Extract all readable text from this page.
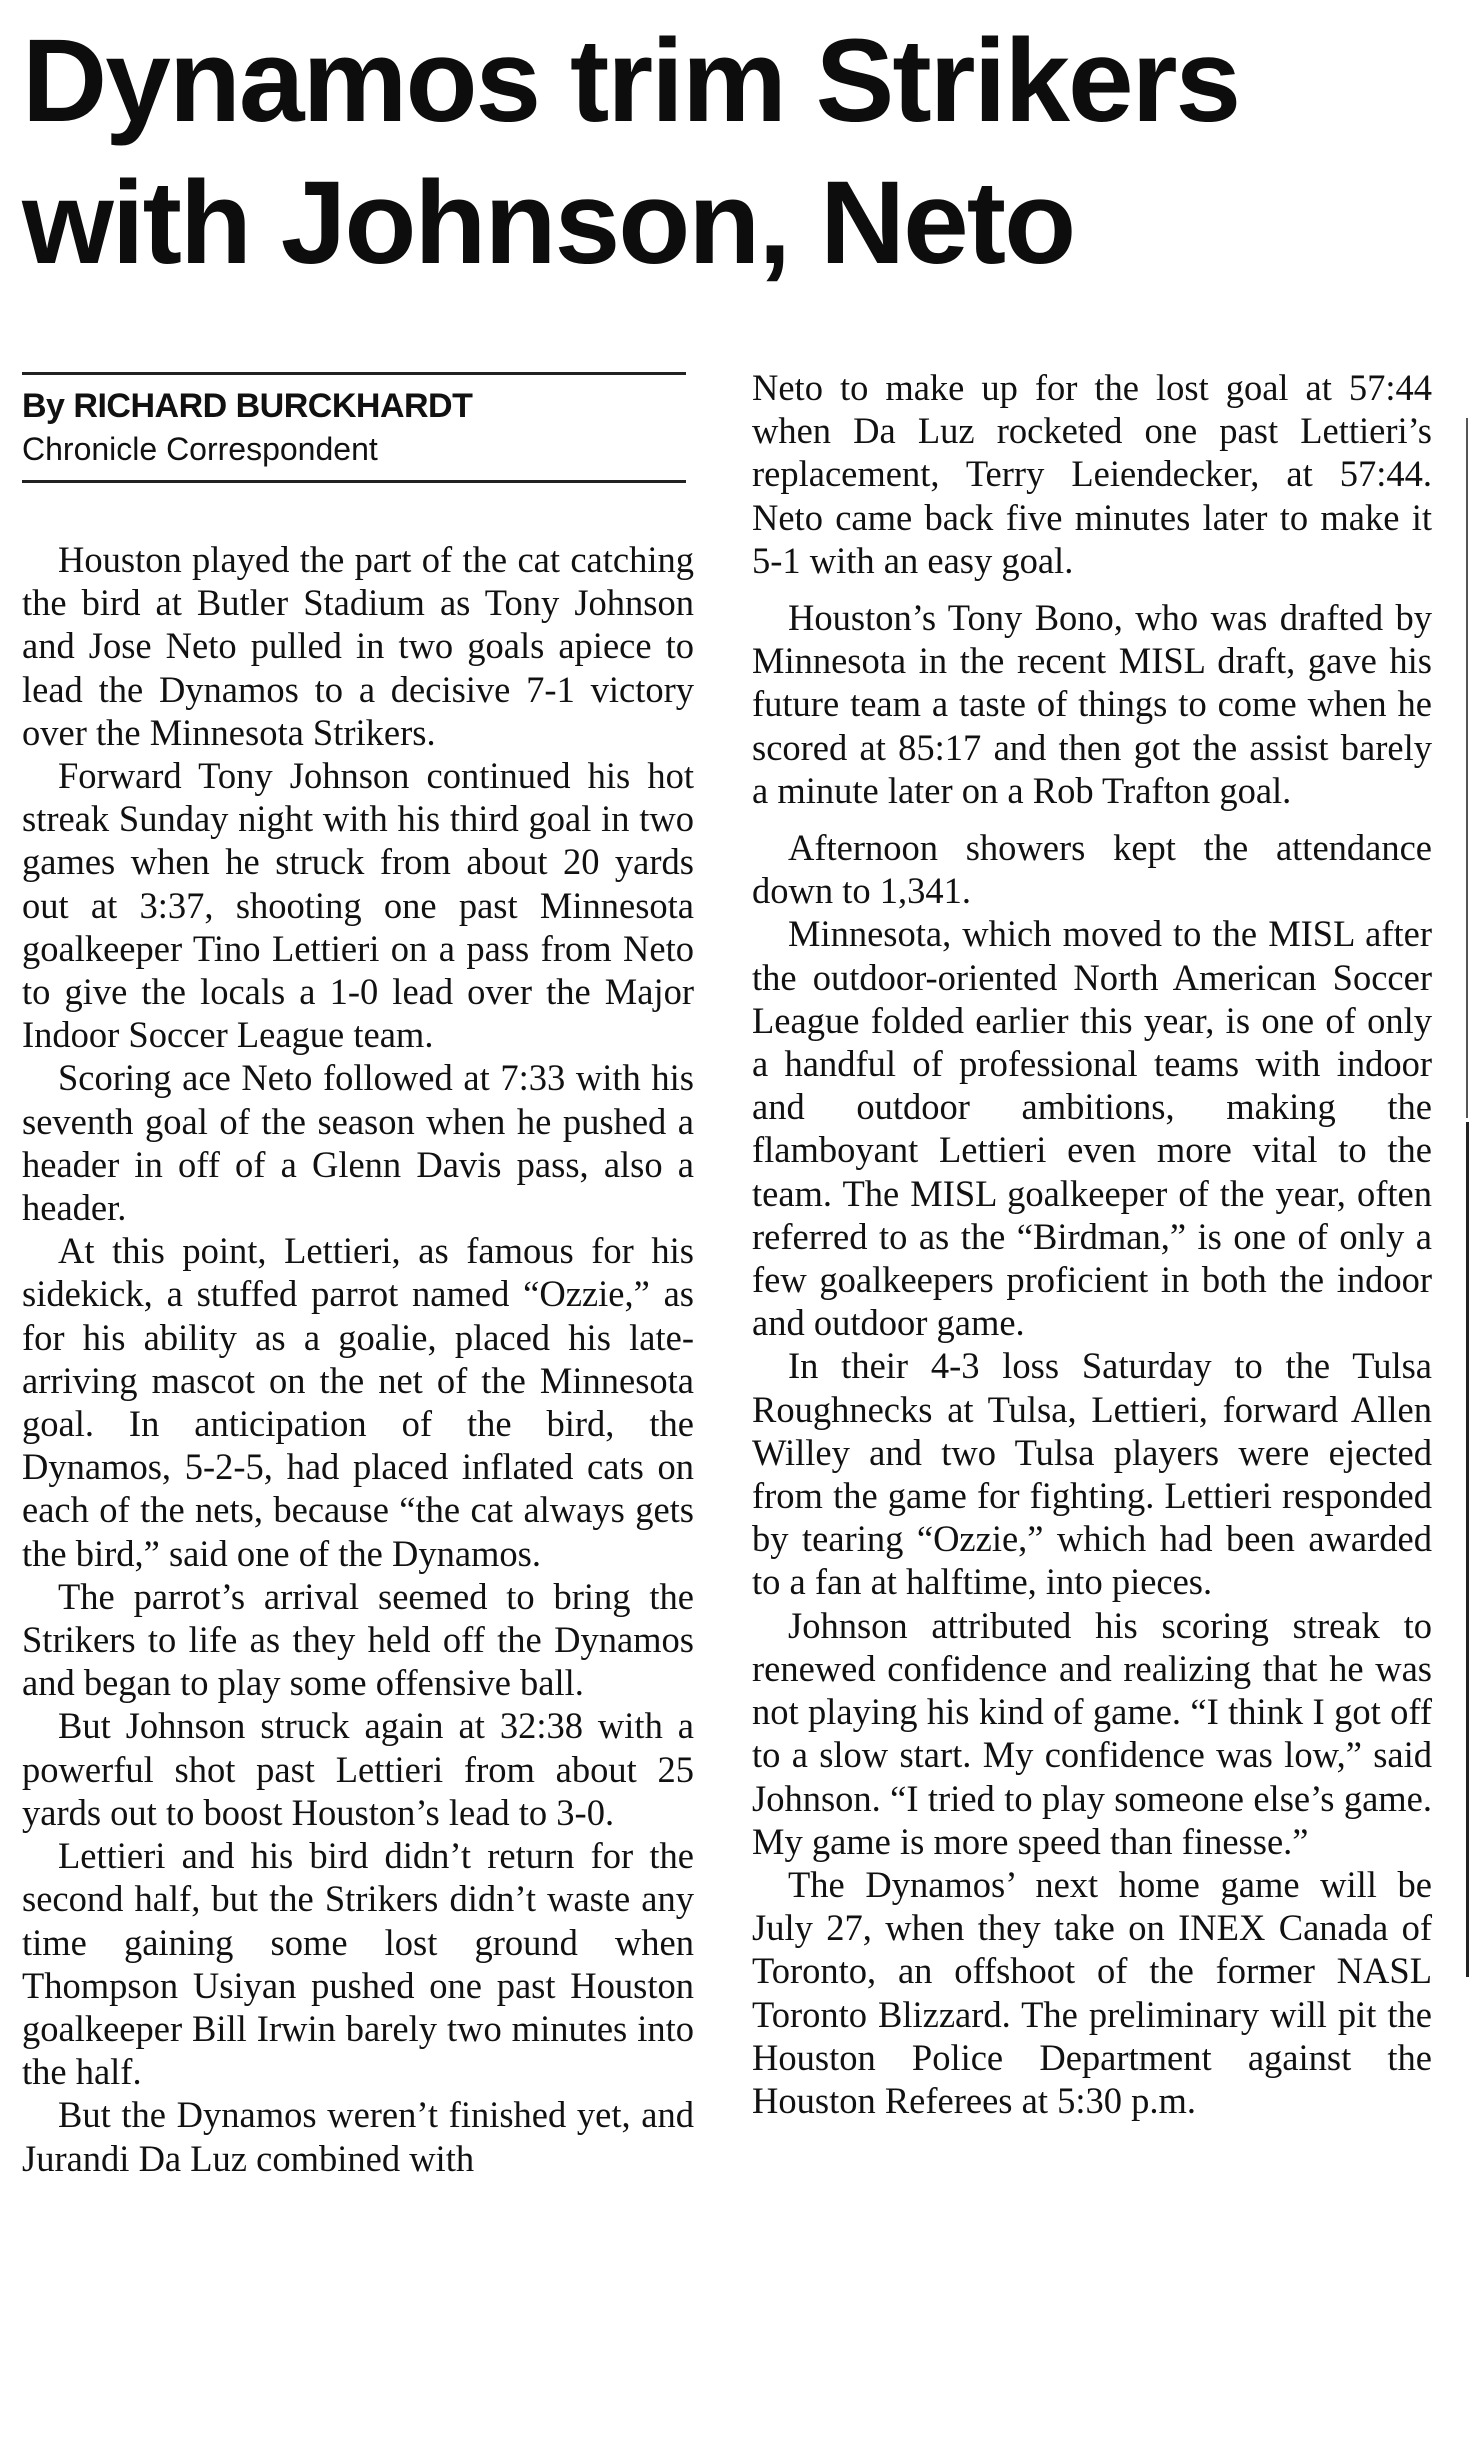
Dynamos trim Strikers
with Johnson, Neto
By RICHARD BURCKHARDT
Chronicle Correspondent

Houston played the part of the cat catching the bird at Butler Stadium as Tony Johnson and Jose Neto pulled in two goals apiece to lead the Dynamos to a decisive 7-1 victory over the Minnesota Strikers.

Forward Tony Johnson continued his hot streak Sunday night with his third goal in two games when he struck from about 20 yards out at 3:37, shooting one past Minnesota goalkeeper Tino Lettieri on a pass from Neto to give the locals a 1-0 lead over the Major Indoor Soccer League team.

Scoring ace Neto followed at 7:33 with his seventh goal of the season when he pushed a header in off of a Glenn Davis pass, also a header.

At this point, Lettieri, as famous for his sidekick, a stuffed parrot named “Ozzie,” as for his ability as a goalie, placed his late-arriving mascot on the net of the Minnesota goal. In anticipation of the bird, the Dynamos, 5-2-5, had placed inflated cats on each of the nets, because “the cat always gets the bird,” said one of the Dynamos.

The parrot’s arrival seemed to bring the Strikers to life as they held off the Dynamos and began to play some offensive ball.

But Johnson struck again at 32:38 with a powerful shot past Lettieri from about 25 yards out to boost Houston’s lead to 3-0.

Lettieri and his bird didn’t return for the second half, but the Strikers didn’t waste any time gaining some lost ground when Thompson Usiyan pushed one past Houston goalkeeper Bill Irwin barely two minutes into the half.

But the Dynamos weren’t finished yet, and Jurandi Da Luz combined with

Neto to make up for the lost goal at 57:44 when Da Luz rocketed one past Lettieri’s replacement, Terry Leiendecker, at 57:44. Neto came back five minutes later to make it 5-1 with an easy goal.

Houston’s Tony Bono, who was drafted by Minnesota in the recent MISL draft, gave his future team a taste of things to come when he scored at 85:17 and then got the assist barely a minute later on a Rob Trafton goal.

Afternoon showers kept the attendance down to 1,341.

Minnesota, which moved to the MISL after the outdoor-oriented North American Soccer League folded earlier this year, is one of only a handful of professional teams with indoor and outdoor ambitions, making the flamboyant Lettieri even more vital to the team. The MISL goalkeeper of the year, often referred to as the “Birdman,” is one of only a few goalkeepers proficient in both the indoor and outdoor game.

In their 4-3 loss Saturday to the Tulsa Roughnecks at Tulsa, Lettieri, forward Allen Willey and two Tulsa players were ejected from the game for fighting. Lettieri responded by tearing “Ozzie,” which had been awarded to a fan at halftime, into pieces.

Johnson attributed his scoring streak to renewed confidence and realizing that he was not playing his kind of game. “I think I got off to a slow start. My confidence was low,” said Johnson. “I tried to play someone else’s game. My game is more speed than finesse.”

The Dynamos’ next home game will be July 27, when they take on INEX Canada of Toronto, an offshoot of the former NASL Toronto Blizzard. The preliminary will pit the Houston Police Department against the Houston Referees at 5:30 p.m.
